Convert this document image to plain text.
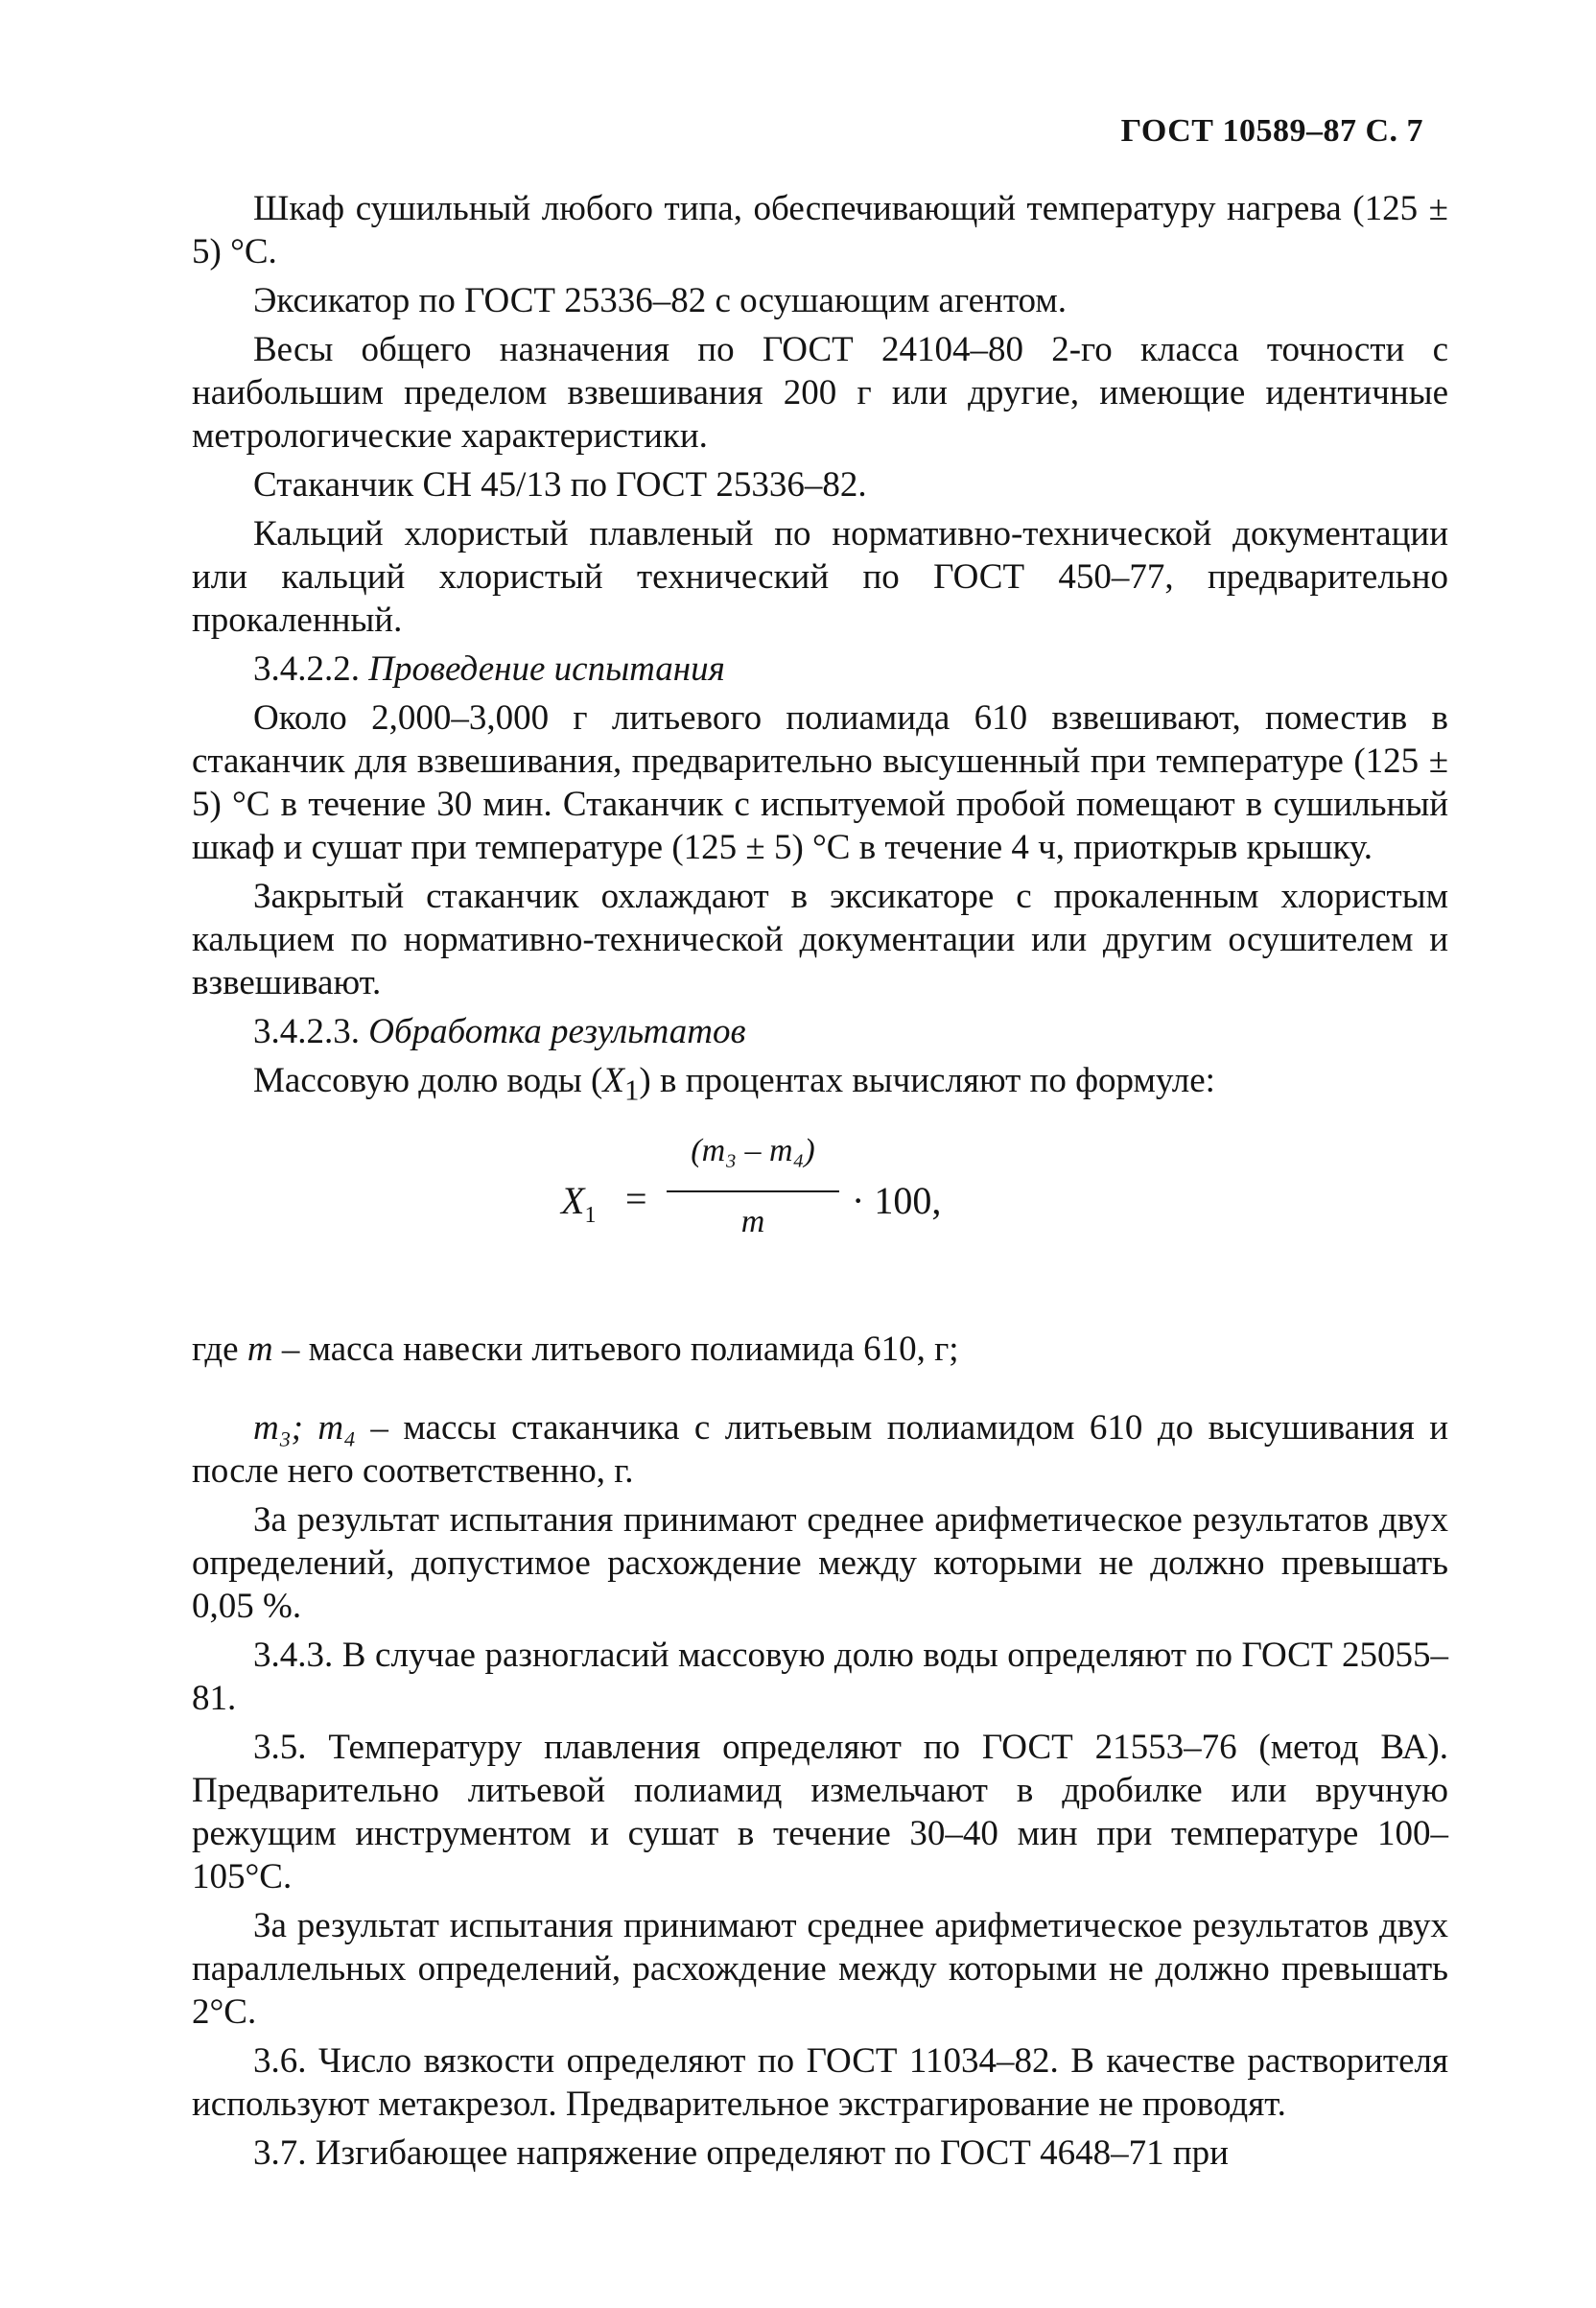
ГОСТ 10589–87 С. 7

Шкаф сушильный любого типа, обеспечивающий температуру нагрева (125 ± 5) °С.

Эксикатор по ГОСТ 25336–82 с осушающим агентом.

Весы общего назначения по ГОСТ 24104–80 2-го класса точности с наибольшим пределом взвешивания 200 г или другие, имеющие идентичные метрологические характеристики.

Стаканчик СН 45/13 по ГОСТ 25336–82.

Кальций хлористый плавленый по нормативно-технической документации или кальций хлористый технический по ГОСТ 450–77, предварительно прокаленный.

3.4.2.2. Проведение испытания

Около 2,000–3,000 г литьевого полиамида 610 взвешивают, поместив в стаканчик для взвешивания, предварительно высушенный при температуре (125 ± 5) °С в течение 30 мин. Стаканчик с испытуемой пробой помещают в сушильный шкаф и сушат при температуре (125 ± 5) °С в течение 4 ч, приоткрыв крышку.

Закрытый стаканчик охлаждают в эксикаторе с прокаленным хлористым кальцием по нормативно-технической документации или другим осушителем и взвешивают.

3.4.2.3. Обработка результатов

Массовую долю воды $(X_1)$ в процентах вычисляют по формуле:

$X_1$ =
(m₃ – m₄)
m	· 100,

где m – масса навески литьевого полиамида 610, г;

m₃; m₄ – массы стаканчика с литьевым полиамидом 610 до высушивания и после него соответственно, г.

За результат испытания принимают среднее арифметическое результатов двух определений, допустимое расхождение между которыми не должно превышать 0,05 %.

3.4.3. В случае разногласий массовую долю воды определяют по ГОСТ 25055–81.

3.5. Температуру плавления определяют по ГОСТ 21553–76 (метод ВА). Предварительно литьевой полиамид измельчают в дробилке или вручную режущим инструментом и сушат в течение 30–40 мин при температуре 100–105°С.

За результат испытания принимают среднее арифметическое результатов двух параллельных определений, расхождение между которыми не должно превышать 2°С.

3.6. Число вязкости определяют по ГОСТ 11034–82. В качестве растворителя используют метакрезол. Предварительное экстрагирование не проводят.

3.7. Изгибающее напряжение определяют по ГОСТ 4648–71 при
